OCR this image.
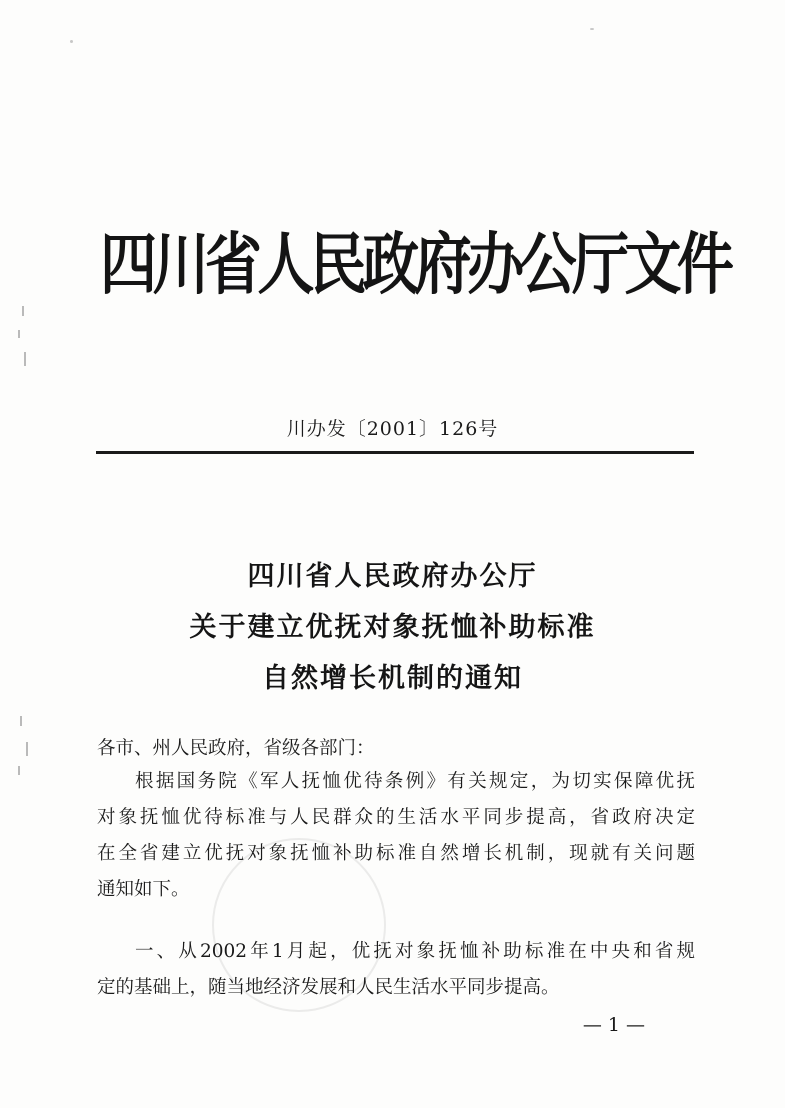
四川省人民政府办公厅文件
川办发〔2001〕126号
四川省人民政府办公厅
关于建立优抚对象抚恤补助标准
自然增长机制的通知
各市、州人民政府，省级各部门：
根据国务院《军人抚恤优待条例》有关规定，为切实保障优抚
对象抚恤优待标准与人民群众的生活水平同步提高，省政府决定
在全省建立优抚对象抚恤补助标准自然增长机制，现就有关问题
通知如下。
一、从2002年1月起，优抚对象抚恤补助标准在中央和省规
定的基础上，随当地经济发展和人民生活水平同步提高。
— 1 —
